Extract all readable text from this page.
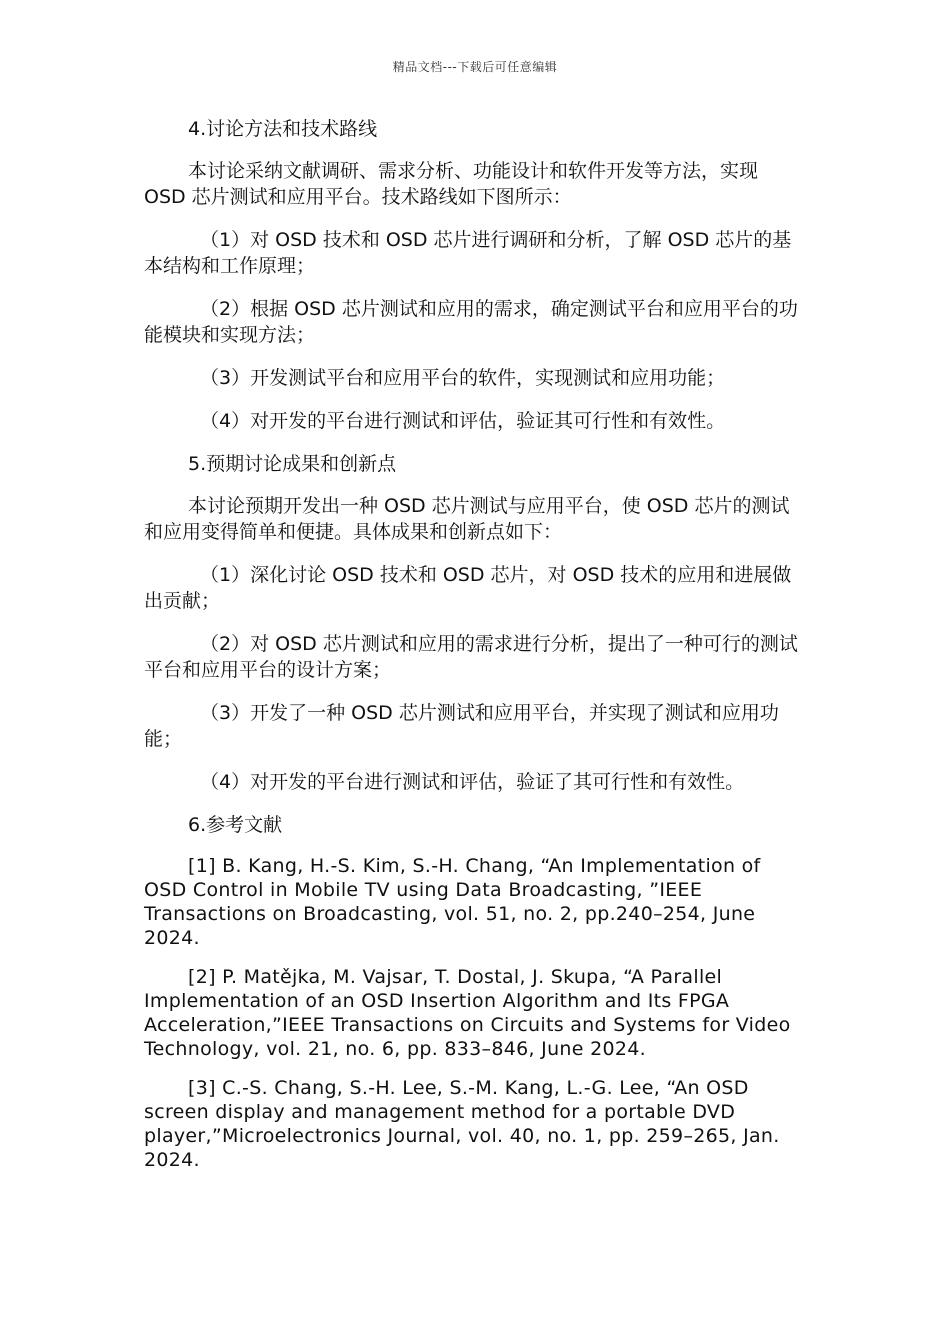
精品文档---下载后可任意编辑

4.讨论方法和技术路线

本讨论采纳文献调研、需求分析、功能设计和软件开发等方法，实现 OSD 芯片测试和应用平台。技术路线如下图所示：

（1）对 OSD 技术和 OSD 芯片进行调研和分析，了解 OSD 芯片的基本结构和工作原理；

（2）根据 OSD 芯片测试和应用的需求，确定测试平台和应用平台的功能模块和实现方法；

（3）开发测试平台和应用平台的软件，实现测试和应用功能；

（4）对开发的平台进行测试和评估，验证其可行性和有效性。

5.预期讨论成果和创新点

本讨论预期开发出一种 OSD 芯片测试与应用平台，使 OSD 芯片的测试和应用变得简单和便捷。具体成果和创新点如下：

（1）深化讨论 OSD 技术和 OSD 芯片，对 OSD 技术的应用和进展做出贡献；

（2）对 OSD 芯片测试和应用的需求进行分析，提出了一种可行的测试平台和应用平台的设计方案；

（3）开发了一种 OSD 芯片测试和应用平台，并实现了测试和应用功能；

（4）对开发的平台进行测试和评估，验证了其可行性和有效性。

6.参考文献

[1] B. Kang, H.-S. Kim, S.-H. Chang, “An Implementation of OSD Control in Mobile TV using Data Broadcasting, ”IEEE Transactions on Broadcasting, vol. 51, no. 2, pp.240–254, June 2024.

[2] P. Matějka, M. Vajsar, T. Dostal, J. Skupa, “A Parallel Implementation of an OSD Insertion Algorithm and Its FPGA Acceleration,”IEEE Transactions on Circuits and Systems for Video Technology, vol. 21, no. 6, pp. 833–846, June 2024.

[3] C.-S. Chang, S.-H. Lee, S.-M. Kang, L.-G. Lee, “An OSD screen display and management method for a portable DVD player,”Microelectronics Journal, vol. 40, no. 1, pp. 259–265, Jan. 2024.
